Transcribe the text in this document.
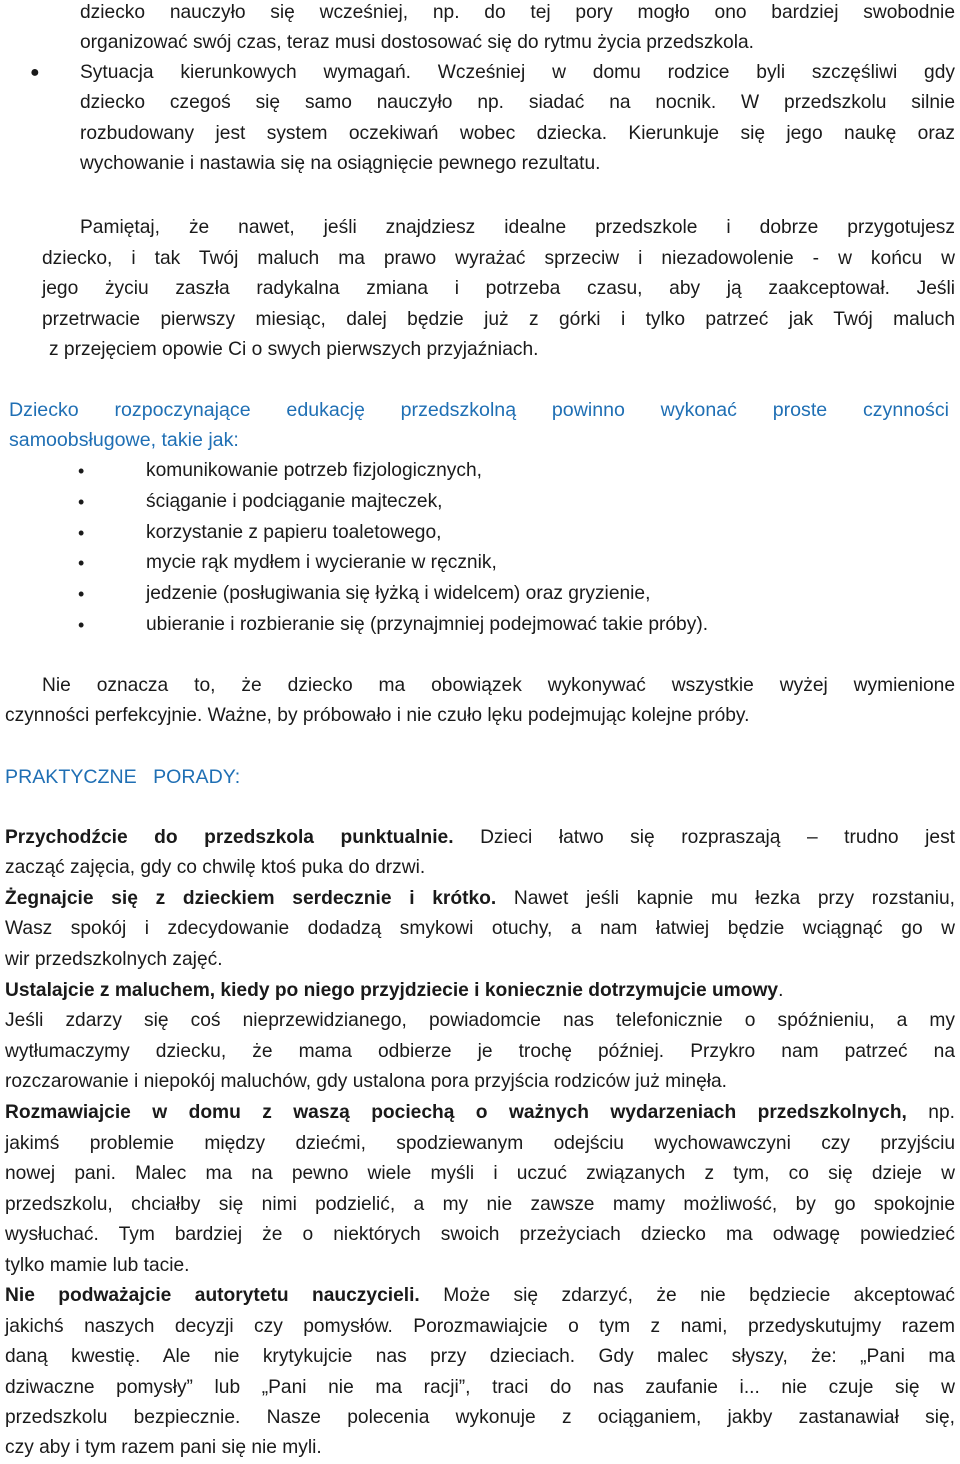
dziecko nauczyło się wcześniej, np. do tej pory mogło ono bardziej swobodnie
organizować swój czas, teraz musi dostosować się do rytmu życia przedszkola.
●	Sytuacja kierunkowych wymagań. Wcześniej w domu rodzice byli szczęśliwi gdy
dziecko czegoś się samo nauczyło np. siadać na nocnik. W przedszkolu silnie
rozbudowany jest system oczekiwań wobec dziecka. Kierunkuje się jego naukę oraz
wychowanie i nastawia się na osiągnięcie pewnego rezultatu.
Pamiętaj, że nawet, jeśli znajdziesz idealne przedszkole i dobrze przygotujesz
dziecko, i tak Twój maluch ma prawo wyrażać sprzeciw i niezadowolenie - w końcu w
jego życiu zaszła radykalna zmiana i potrzeba czasu, aby ją zaakceptował. Jeśli
przetrwacie pierwszy miesiąc, dalej będzie już z górki i tylko patrzeć jak Twój maluch
z przejęciem opowie Ci o swych pierwszych przyjaźniach.
Dziecko rozpoczynające edukację przedszkolną powinno wykonać proste czynności
samoobsługowe, takie jak:
•	komunikowanie potrzeb fizjologicznych,
•	ściąganie i podciąganie majteczek,
•	korzystanie z papieru toaletowego,
•	mycie rąk mydłem i wycieranie w ręcznik,
•	jedzenie (posługiwania się łyżką i widelcem) oraz gryzienie,
•	ubieranie i rozbieranie się (przynajmniej podejmować takie próby).
Nie oznacza to, że dziecko ma obowiązek wykonywać wszystkie wyżej wymienione
czynności perfekcyjnie. Ważne, by próbowało i nie czuło lęku podejmując kolejne próby.
PRAKTYCZNE   PORADY:
Przychodźcie do przedszkola punktualnie. Dzieci łatwo się rozpraszają – trudno jest
zacząć zajęcia, gdy co chwilę ktoś puka do drzwi.
Żegnajcie się z dzieckiem serdecznie i krótko. Nawet jeśli kapnie mu łezka przy rozstaniu,
Wasz spokój i zdecydowanie dodadzą smykowi otuchy, a nam łatwiej będzie wciągnąć go w
wir przedszkolnych zajęć.
Ustalajcie z maluchem, kiedy po niego przyjdziecie i koniecznie dotrzymujcie umowy.
Jeśli zdarzy się coś nieprzewidzianego, powiadomcie nas telefonicznie o spóźnieniu, a my
wytłumaczymy dziecku, że mama odbierze je trochę później. Przykro nam patrzeć na
rozczarowanie i niepokój maluchów, gdy ustalona pora przyjścia rodziców już minęła.
Rozmawiajcie w domu z waszą pociechą o ważnych wydarzeniach przedszkolnych, np.
jakimś problemie między dziećmi, spodziewanym odejściu wychowawczyni czy przyjściu
nowej pani. Malec ma na pewno wiele myśli i uczuć związanych z tym, co się dzieje w
przedszkolu, chciałby się nimi podzielić, a my nie zawsze mamy możliwość, by go spokojnie
wysłuchać. Tym bardziej że o niektórych swoich przeżyciach dziecko ma odwagę powiedzieć
tylko mamie lub tacie.
Nie podważajcie autorytetu nauczycieli. Może się zdarzyć, że nie będziecie akceptować
jakichś naszych decyzji czy pomysłów. Porozmawiajcie o tym z nami, przedyskutujmy razem
daną kwestię. Ale nie krytykujcie nas przy dzieciach. Gdy malec słyszy, że: „Pani ma
dziwaczne pomysły” lub „Pani nie ma racji”, traci do nas zaufanie i... nie czuje się w
przedszkolu bezpiecznie. Nasze polecenia wykonuje z ociąganiem, jakby zastanawiał się,
czy aby i tym razem pani się nie myli.
